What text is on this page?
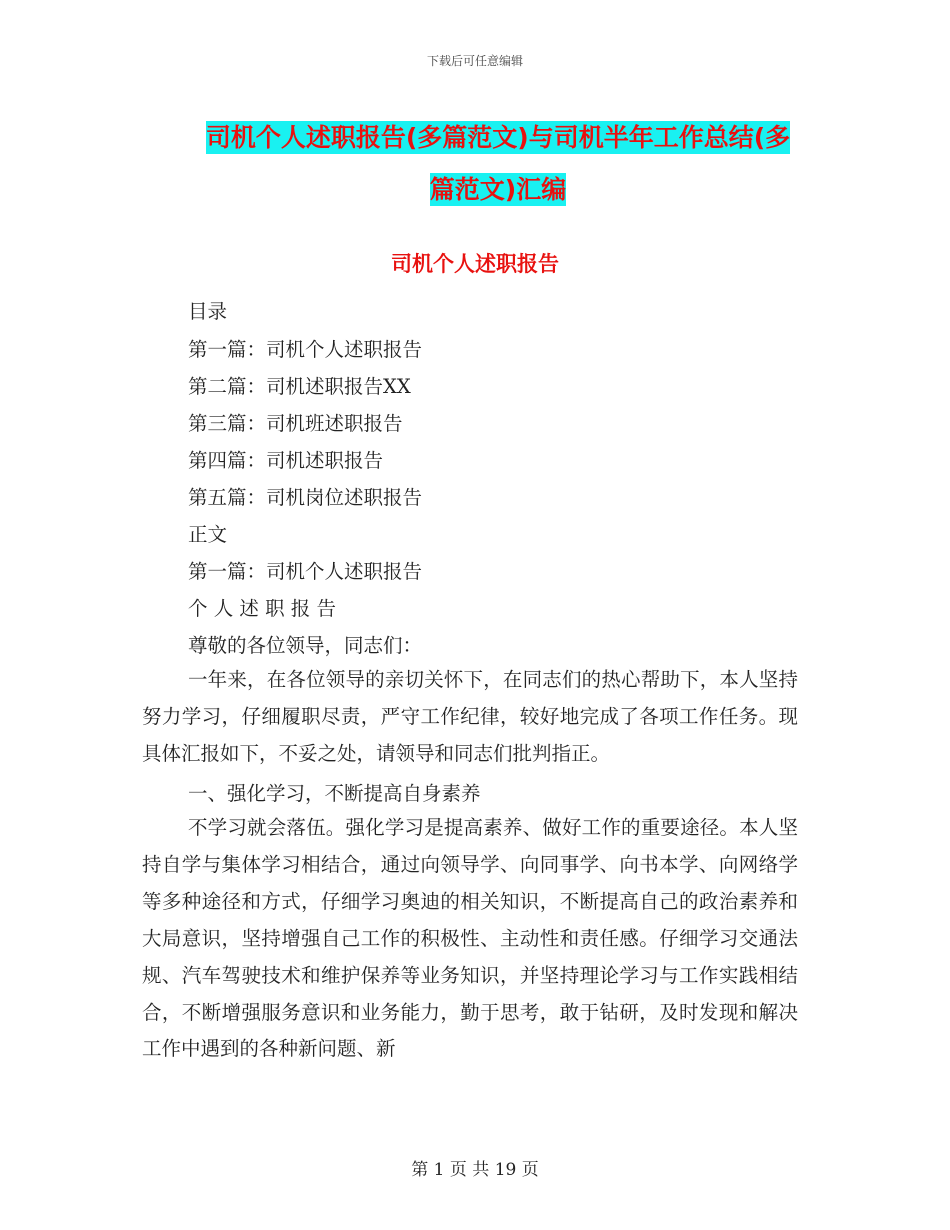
下载后可任意编辑
司机个人述职报告(多篇范文)与司机半年工作总结(多
篇范文)汇编
司机个人述职报告
目录
第一篇：司机个人述职报告
第二篇：司机述职报告XX
第三篇：司机班述职报告
第四篇：司机述职报告
第五篇：司机岗位述职报告
正文
第一篇：司机个人述职报告
个 人 述 职 报 告
尊敬的各位领导，同志们：
一年来，在各位领导的亲切关怀下，在同志们的热心帮助下，本人坚持努力学习，仔细履职尽责，严守工作纪律，较好地完成了各项工作任务。现具体汇报如下，不妥之处，请领导和同志们批判指正。
一、强化学习，不断提高自身素养
不学习就会落伍。强化学习是提高素养、做好工作的重要途径。本人坚持自学与集体学习相结合，通过向领导学、向同事学、向书本学、向网络学等多种途径和方式，仔细学习奥迪的相关知识，不断提高自己的政治素养和大局意识，坚持增强自己工作的积极性、主动性和责任感。仔细学习交通法规、汽车驾驶技术和维护保养等业务知识，并坚持理论学习与工作实践相结合，不断增强服务意识和业务能力，勤于思考，敢于钻研，及时发现和解决工作中遇到的各种新问题、新
第 1 页 共 19 页
